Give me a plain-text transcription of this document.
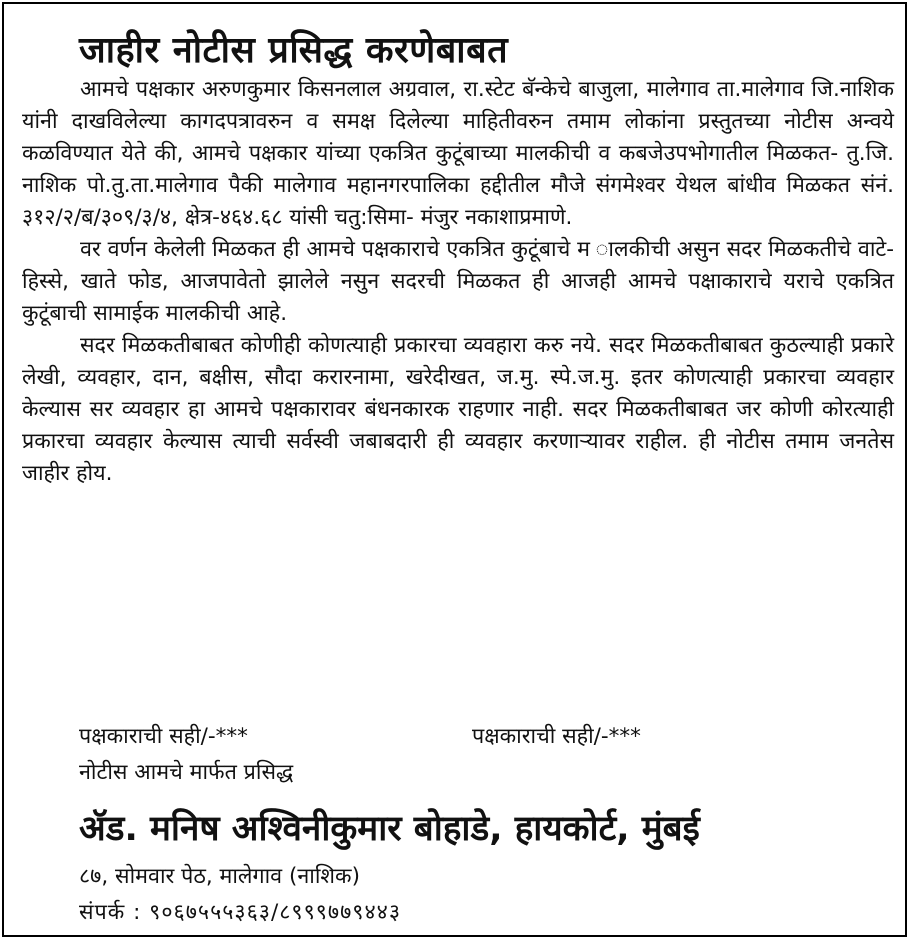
जाहीर नोटीस प्रसिद्ध करणेबाबत

आमचे पक्षकार अरुणकुमार किसनलाल अग्रवाल, रा.स्टेट बॅन्केचे बाजुला, मालेगाव ता.मालेगाव जि.नाशिक यांनी दाखविलेल्या कागदपत्रावरुन व समक्ष दिलेल्या माहितीवरुन तमाम लोकांना प्रस्तुतच्या नोटीस अन्वये कळविण्यात येते की, आमचे पक्षकार यांच्या एकत्रित कुटूंबाच्या मालकीची व कबजेउपभोगातील मिळकत- तु.जि. नाशिक पो.तु.ता.मालेगाव पैकी मालेगाव महानगरपालिका हद्दीतील मौजे संगमेश्वर येथल बांधीव मिळकत संनं. ३१२/२/ब/३०९/३/४, क्षेत्र-४६४.६८ यांसी चतु:सिमा- मंजुर नकाशाप्रमाणे.

वर वर्णन केलेली मिळकत ही आमचे पक्षकाराचे एकत्रित कुटूंबाचे म ालकीची असुन सदर मिळकतीचे वाटे-हिस्से, खाते फोड, आजपावेतो झालेले नसुन सदरची मिळकत ही आजही आमचे पक्षाकाराचे यराचे एकत्रित कुटूंबाची सामाईक मालकीची आहे.

सदर मिळकतीबाबत कोणीही कोणत्याही प्रकारचा व्यवहारा करु नये. सदर मिळकतीबाबत कुठल्याही प्रकारे लेखी, व्यवहार, दान, बक्षीस, सौदा करारनामा, खरेदीखत, ज.मु. स्पे.ज.मु. इतर कोणत्याही प्रकारचा व्यवहार केल्यास सर व्यवहार हा आमचे पक्षकारावर बंधनकारक राहणार नाही. सदर मिळकतीबाबत जर कोणी कोरत्याही प्रकारचा व्यवहार केल्यास त्याची सर्वस्वी जबाबदारी ही व्यवहार करणाऱ्यावर राहील. ही नोटीस तमाम जनतेस जाहीर होय.

पक्षकाराची सही/-***	पक्षकाराची सही/-***
नोटीस आमचे मार्फत प्रसिद्ध
ॲड. मनिष अश्विनीकुमार बोहाडे, हायकोर्ट, मुंबई
८७, सोमवार पेठ, मालेगाव (नाशिक)
संपर्क : ९०६७५५५३६३/८९९९७७९४४३
